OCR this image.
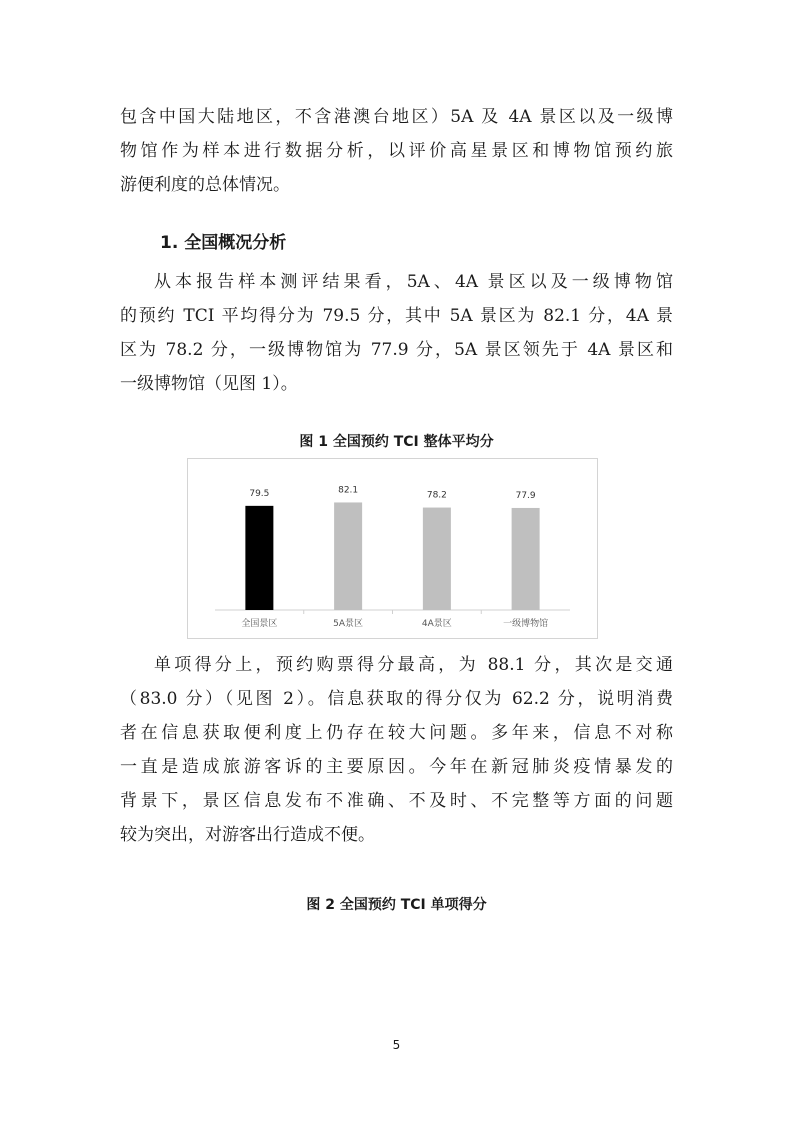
包含中国大陆地区，不含港澳台地区）5A 及 4A 景区以及一级博
物馆作为样本进行数据分析，以评价高星景区和博物馆预约旅
游便利度的总体情况。
1. 全国概况分析
从本报告样本测评结果看，5A、4A 景区以及一级博物馆
的预约 TCI 平均得分为 79.5 分，其中 5A 景区为 82.1 分，4A 景
区为 78.2 分，一级博物馆为 77.9 分，5A 景区领先于 4A 景区和
一级博物馆（见图 1）。

图 1 全国预约 TCI 整体平均分

79.5
全国景区
82.1
5A景区
78.2
4A景区
77.9
一级博物馆
单项得分上，预约购票得分最高，为 88.1 分，其次是交通
（83.0 分）（见图 2）。信息获取的得分仅为 62.2 分，说明消费
者在信息获取便利度上仍存在较大问题。多年来，信息不对称
一直是造成旅游客诉的主要原因。今年在新冠肺炎疫情暴发的
背景下，景区信息发布不准确、不及时、不完整等方面的问题
较为突出，对游客出行造成不便。

图 2 全国预约 TCI 单项得分

5
